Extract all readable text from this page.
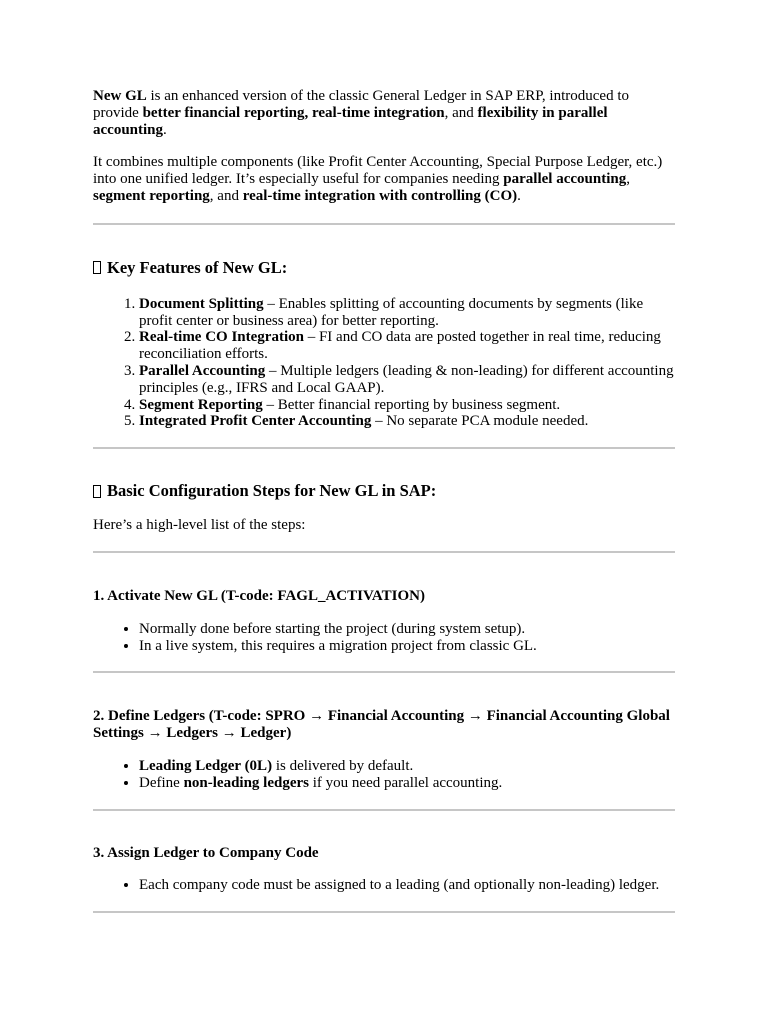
New GL is an enhanced version of the classic General Ledger in SAP ERP, introduced to provide better financial reporting, real-time integration, and flexibility in parallel accounting.

It combines multiple components (like Profit Center Accounting, Special Purpose Ledger, etc.) into one unified ledger. It’s especially useful for companies needing parallel accounting, segment reporting, and real-time integration with controlling (CO).

Key Features of New GL:
1. Document Splitting – Enables splitting of accounting documents by segments (like profit center or business area) for better reporting.
2. Real-time CO Integration – FI and CO data are posted together in real time, reducing reconciliation efforts.
3. Parallel Accounting – Multiple ledgers (leading & non-leading) for different accounting principles (e.g., IFRS and Local GAAP).
4. Segment Reporting – Better financial reporting by business segment.
5. Integrated Profit Center Accounting – No separate PCA module needed.
Basic Configuration Steps for New GL in SAP:

Here’s a high-level list of the steps:

1. Activate New GL (T-code: FAGL_ACTIVATION)
• Normally done before starting the project (during system setup).
• In a live system, this requires a migration project from classic GL.
2. Define Ledgers (T-code: SPRO → Financial Accounting → Financial Accounting Global Settings → Ledgers → Ledger)
• Leading Ledger (0L) is delivered by default.
• Define non-leading ledgers if you need parallel accounting.
3. Assign Ledger to Company Code
• Each company code must be assigned to a leading (and optionally non-leading) ledger.
